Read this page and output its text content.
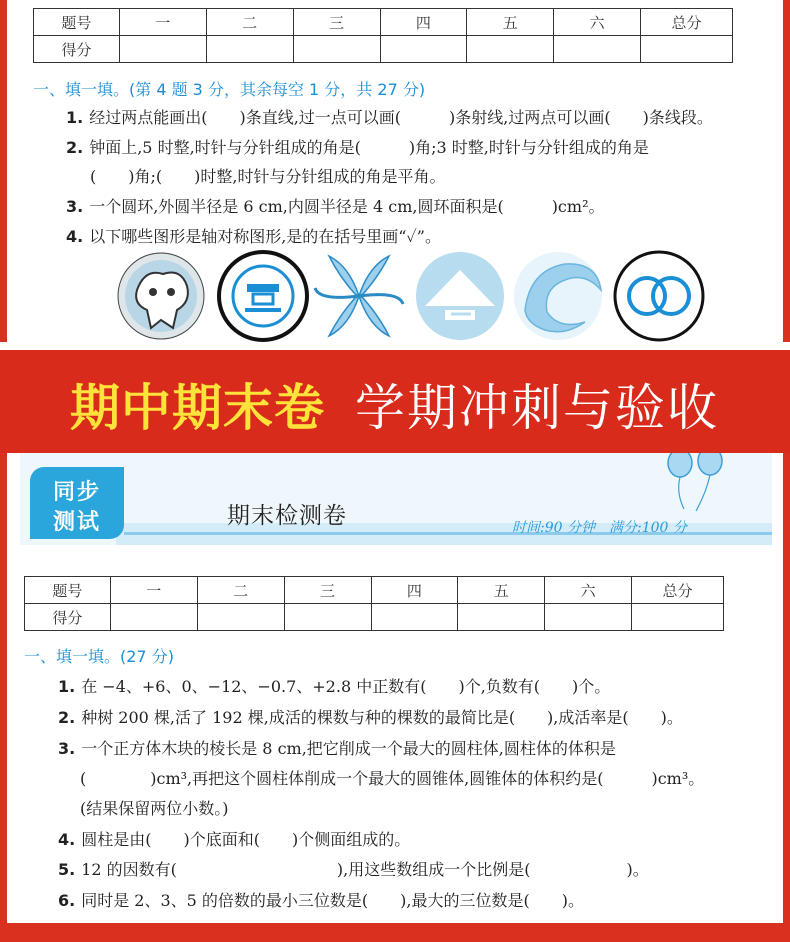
题号	一	二	三	四	五	六	总分
得分							
一、填一填。(第 4 题 3 分，其余每空 1 分，共 27 分)
1. 经过两点能画出(　　)条直线,过一点可以画(　　　)条射线,过两点可以画(　　)条线段。
2. 钟面上,5 时整,时针与分针组成的角是(　　　)角;3 时整,时针与分针组成的角是
(　　)角;(　　)时整,时针与分针组成的角是平角。
3. 一个圆环,外圆半径是 6 cm,内圆半径是 4 cm,圆环面积是(　　　)cm²。
4. 以下哪些图形是轴对称图形,是的在括号里画“✓”。
期中期末卷 学期冲刺与验收
同步
测试	期末检测卷	时间:90 分钟　满分:100 分
题号	一	二	三	四	五	六	总分
得分							
一、填一填。(27 分)
1. 在 −4、+6、0、−12、−0.7、+2.8 中正数有(　　)个,负数有(　　)个。
2. 种树 200 棵,活了 192 棵,成活的棵数与种的棵数的最简比是(　　),成活率是(　　)。
3. 一个正方体木块的棱长是 8 cm,把它削成一个最大的圆柱体,圆柱体的体积是
(　　　　)cm³,再把这个圆柱体削成一个最大的圆锥体,圆锥体的体积约是(　　　)cm³。
(结果保留两位小数。)
4. 圆柱是由(　　)个底面和(　　)个侧面组成的。
5. 12 的因数有(　　　　　　　　　　),用这些数组成一个比例是(　　　　　　)。
6. 同时是 2、3、5 的倍数的最小三位数是(　　),最大的三位数是(　　)。
